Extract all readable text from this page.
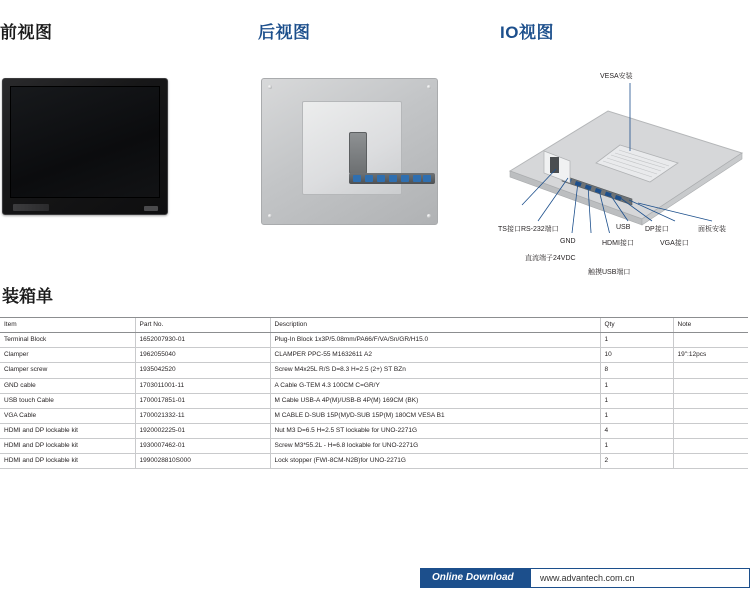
前视图	后视图	IO视图
VESA安装
TS接口RS-232端口
GND
USB
HDMI接口
DP接口
VGA接口
面板安装
直流端子24VDC
触摸USB端口
装箱单
Item	Part No.	Description	Qty	Note
Terminal Block	1652007930-01	Plug-In Block 1x3P/5.08mm/PA66/F/VA/Sn/GR/H15.0	1	
Clamper	1962055040	CLAMPER PPC-55 M1632611 A2	10	19":12pcs
Clamper screw	1935042520	Screw M4x25L R/S D=8.3 H=2.5 (2+) ST BZn	8	
GND cable	1703011001-11	A Cable G-TEM 4.3 100CM C=GR/Y	1	
USB touch Cable	1700017851-01	M Cable USB-A 4P(M)/USB-B 4P(M) 169CM (BK)	1	
VGA Cable	1700021332-11	M CABLE D-SUB 15P(M)/D-SUB 15P(M) 180CM VESA B1	1	
HDMI and DP lockable kit	1920002225-01	Nut M3 D=6.5 H=2.5 ST lockable for UNO-2271G	4	
HDMI and DP lockable kit	1930007462-01	Screw M3*55.2L - H=6.8 lockable for UNO-2271G	1	
HDMI and DP lockable kit	1990028810S000	Lock stopper (FWI-8CM-N2B)for UNO-2271G	2	
Online Download	www.advantech.com.cn
